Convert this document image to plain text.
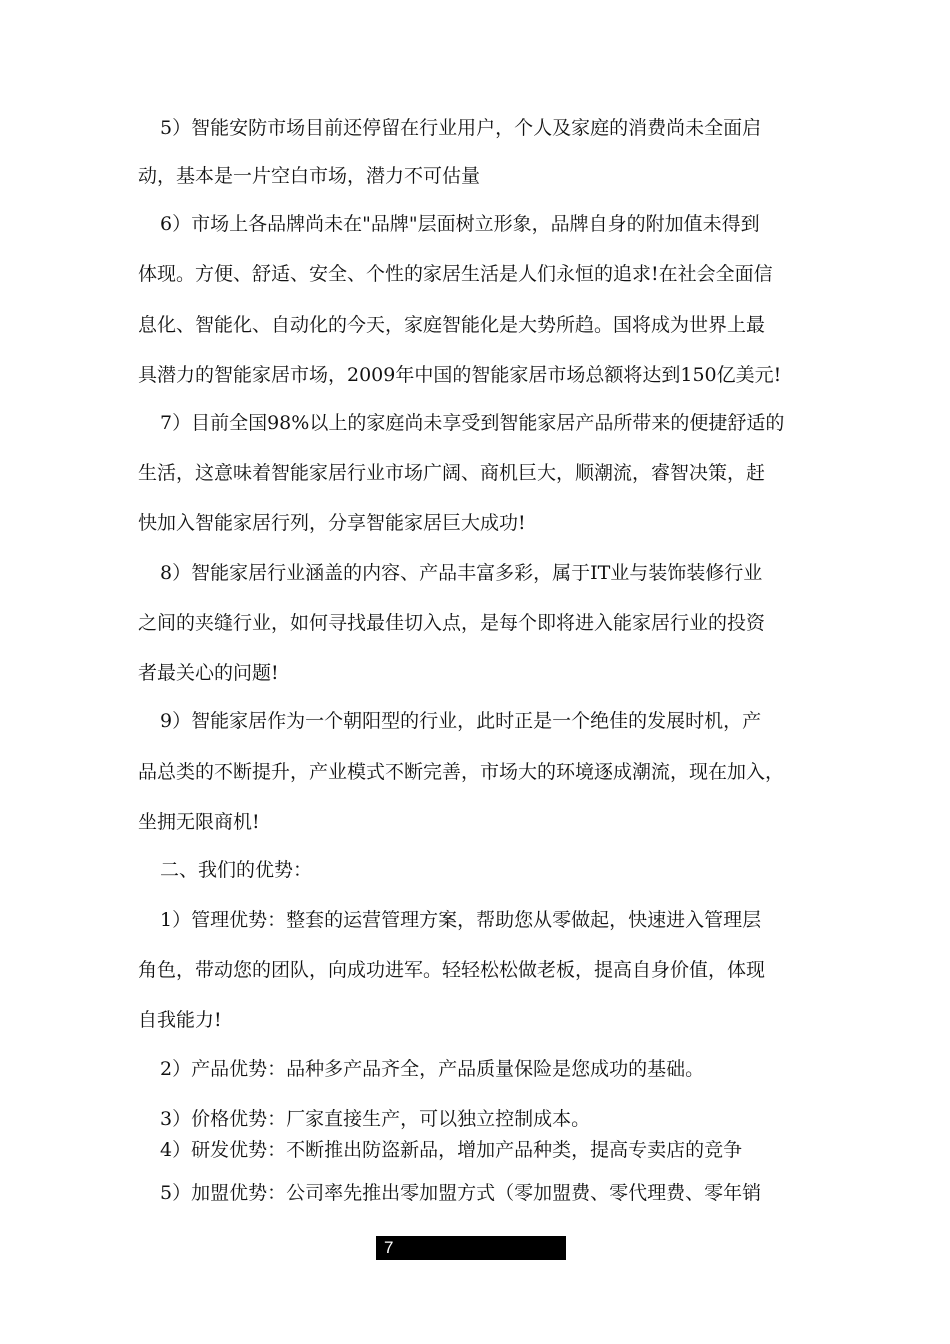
5）智能安防市场目前还停留在行业用户，个人及家庭的消费尚未全面启
动，基本是一片空白市场，潜力不可估量
6）市场上各品牌尚未在"品牌"层面树立形象，品牌自身的附加值未得到
体现。方便、舒适、安全、个性的家居生活是人们永恒的追求!在社会全面信
息化、智能化、自动化的今天，家庭智能化是大势所趋。国将成为世界上最
具潜力的智能家居市场，2009年中国的智能家居市场总额将达到150亿美元!
7）目前全国98%以上的家庭尚未享受到智能家居产品所带来的便捷舒适的
生活，这意味着智能家居行业市场广阔、商机巨大，顺潮流，睿智决策，赶
快加入智能家居行列，分享智能家居巨大成功!
8）智能家居行业涵盖的内容、产品丰富多彩，属于IT业与装饰装修行业
之间的夹缝行业，如何寻找最佳切入点，是每个即将进入能家居行业的投资
者最关心的问题!
9）智能家居作为一个朝阳型的行业，此时正是一个绝佳的发展时机，产
品总类的不断提升，产业模式不断完善，市场大的环境逐成潮流，现在加入，
坐拥无限商机!
二、我们的优势：
1）管理优势：整套的运营管理方案，帮助您从零做起，快速进入管理层
角色，带动您的团队，向成功进军。轻轻松松做老板，提高自身价值，体现
自我能力!
2）产品优势：品种多产品齐全，产品质量保险是您成功的基础。
3）价格优势：厂家直接生产，可以独立控制成本。
4）研发优势：不断推出防盗新品，增加产品种类，提高专卖店的竞争
5）加盟优势：公司率先推出零加盟方式（零加盟费、零代理费、零年销
7
